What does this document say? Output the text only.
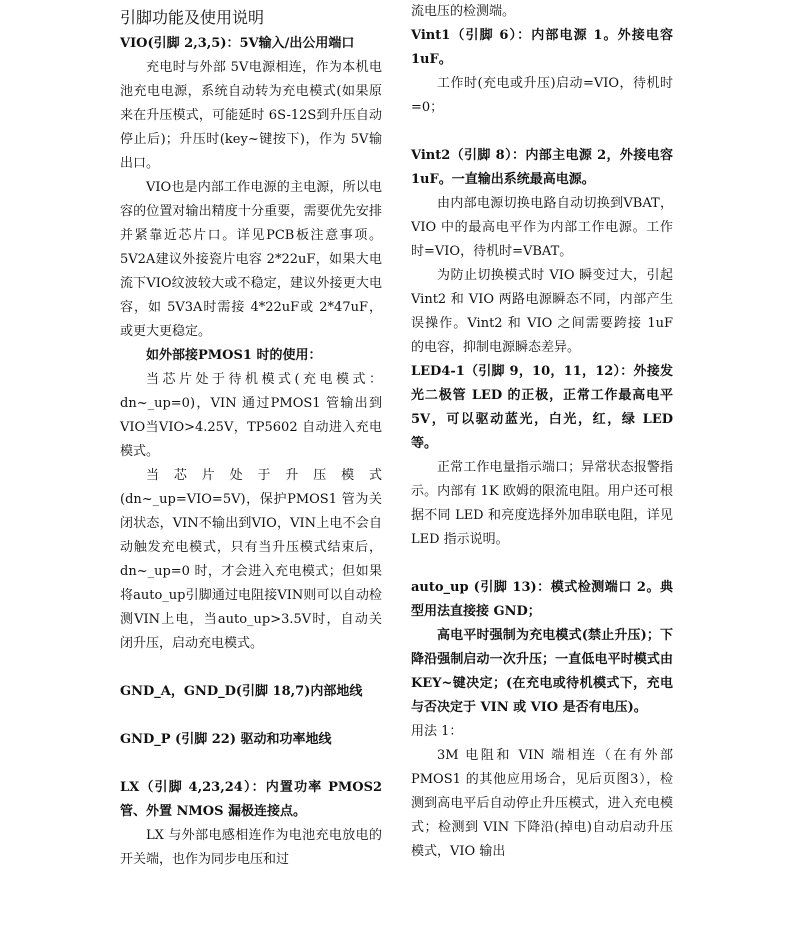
引脚功能及使用说明

VIO(引脚 2,3,5)：5V输入/出公用端口

充电时与外部 5V电源相连，作为本机电池充电电源，系统自动转为充电模式(如果原来在升压模式，可能延时 6S-12S到升压自动停止后)；升压时(key~键按下)，作为 5V输出口。

VIO也是内部工作电源的主电源，所以电容的位置对输出精度十分重要，需要优先安排并紧靠近芯片口。详见PCB板注意事项。5V2A建议外接瓷片电容 2*22uF，如果大电流下VIO纹波较大或不稳定，建议外接更大电容，如 5V3A时需接 4*22uF或 2*47uF，或更大更稳定。

如外部接PMOS1 时的使用：

当芯片处于待机模式(充电模式：dn~_up=0)，VIN 通过PMOS1 管输出到VIO当VIO>4.25V，TP5602 自动进入充电模式。

当芯片处于升压模式(dn~_up=VIO=5V)，保护PMOS1 管为关闭状态，VIN不输出到VIO，VIN上电不会自动触发充电模式，只有当升压模式结束后，dn~_up=0 时，才会进入充电模式；但如果将auto_up引脚通过电阻接VIN则可以自动检测VIN上电，当auto_up>3.5V时，自动关闭升压，启动充电模式。

GND_A，GND_D(引脚 18,7)内部地线

GND_P (引脚 22) 驱动和功率地线

LX（引脚 4,23,24）：内置功率 PMOS2 管、外置 NMOS 漏极连接点。

LX 与外部电感相连作为电池充电放电的开关端，也作为同步电压和过

流电压的检测端。

Vint1（引脚 6）：内部电源 1。外接电容 1uF。

工作时(充电或升压)启动=VIO，待机时=0；

Vint2（引脚 8）：内部主电源 2，外接电容 1uF。一直输出系统最高电源。

由内部电源切换电路自动切换到VBAT，VIO 中的最高电平作为内部工作电源。工作时=VIO，待机时=VBAT。

为防止切换模式时 VIO 瞬变过大，引起 Vint2 和 VIO 两路电源瞬态不同，内部产生误操作。Vint2 和 VIO 之间需要跨接 1uF 的电容，抑制电源瞬态差异。

LED4-1（引脚 9，10，11，12）：外接发光二极管 LED 的正极，正常工作最高电平 5V，可以驱动蓝光，白光，红，绿 LED 等。

正常工作电量指示端口；异常状态报警指示。内部有 1K 欧姆的限流电阻。用户还可根据不同 LED 和亮度选择外加串联电阻，详见 LED 指示说明。

auto_up (引脚 13)：模式检测端口 2。典型用法直接接 GND；

高电平时强制为充电模式(禁止升压)；下降沿强制启动一次升压；一直低电平时模式由 KEY~键决定；(在充电或待机模式下，充电与否决定于 VIN 或 VIO 是否有电压)。

用法 1：

3M 电阻和 VIN 端相连（在有外部PMOS1 的其他应用场合，见后页图3），检测到高电平后自动停止升压模式，进入充电模式；检测到 VIN 下降沿(掉电)自动启动升压模式，VIO 输出
